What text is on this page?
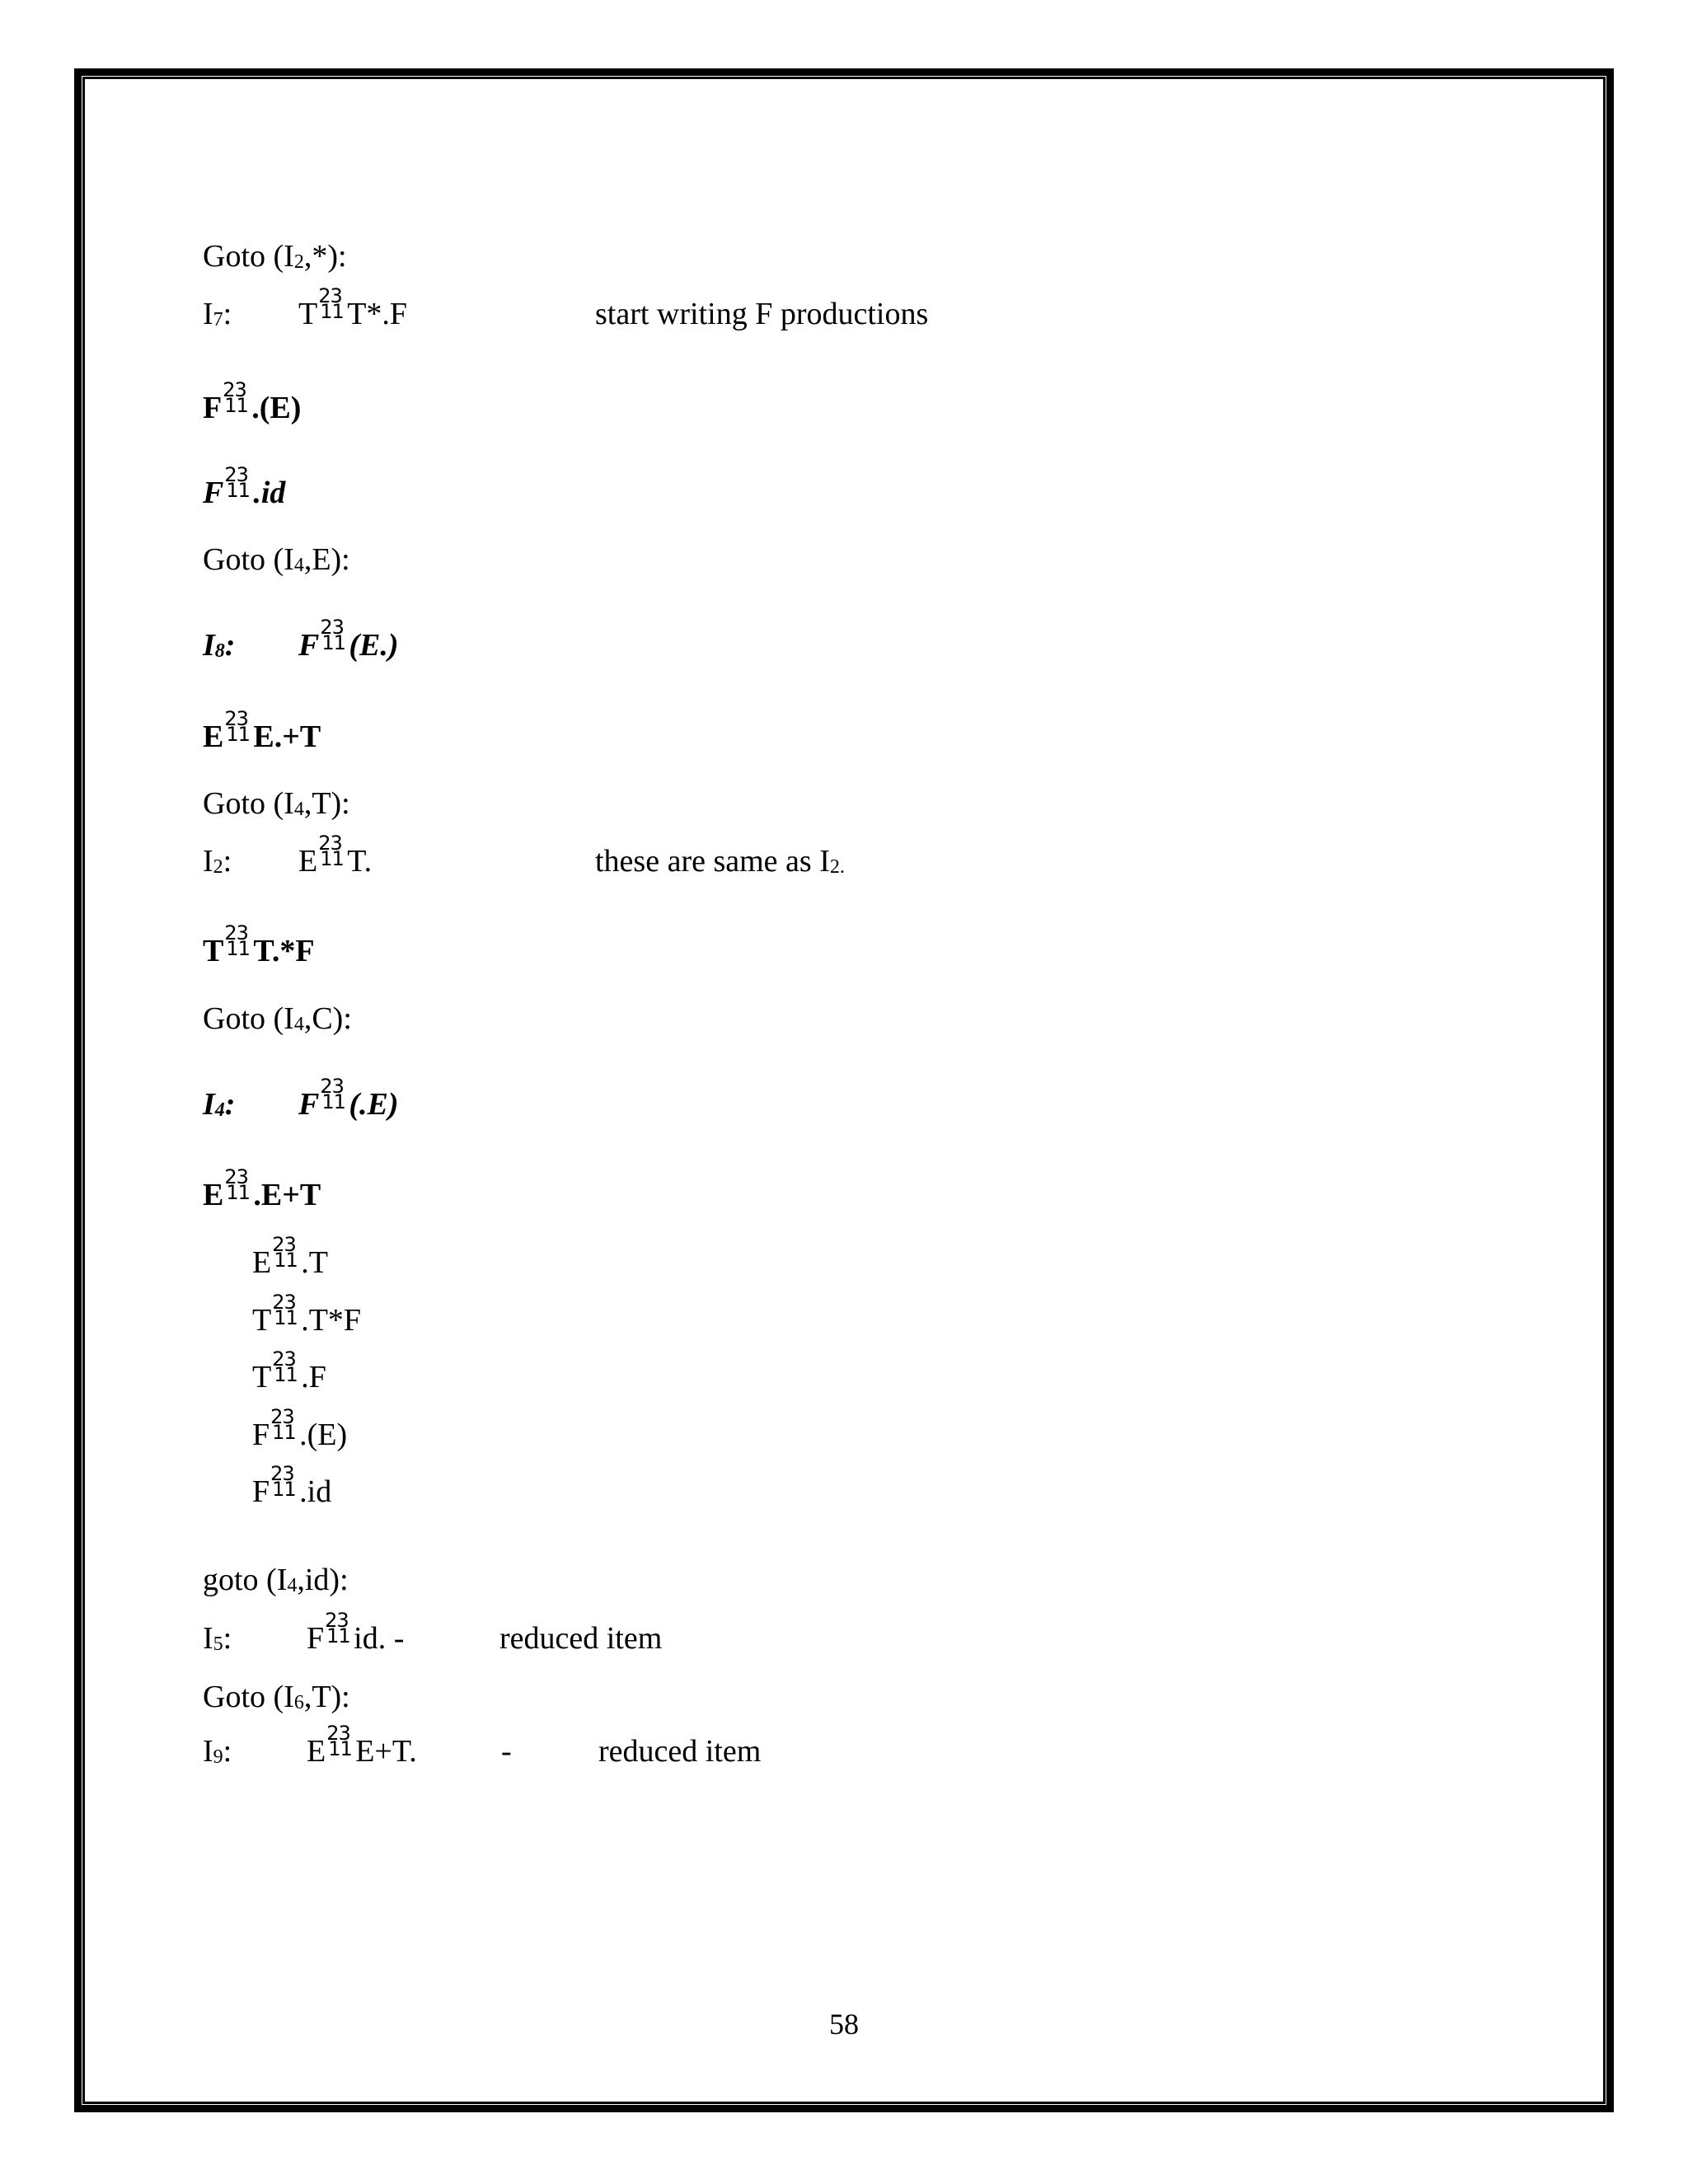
Goto $(I_2,*)$:
$I_7$: T
23
11 T*.F	start writing F productions
F
23
11 .(E)
F
23
11 .id
Goto $(I_4,E)$:
$I_8$: F
23
11 (E.)
E
23
11 E.+T
Goto $(I_4,T)$:
$I_2$: E
23
11 T.	these are same as $I_{2.}$
T
23
11 T.*F
Goto $(I_4,C)$:
$I_4$: F
23
11 (.E)
E
23
11 .E+T
E
23
11 .T
T
23
11 .T*F
T
23
11 .F
F
23
11 .(E)
F
23
11 .id
goto $(I_4,id)$:
$I_5$: F
23
11 id. -	reduced item
Goto $(I_6,T)$:
$I_9$: E
23
11 E+T.	-	reduced item
58
